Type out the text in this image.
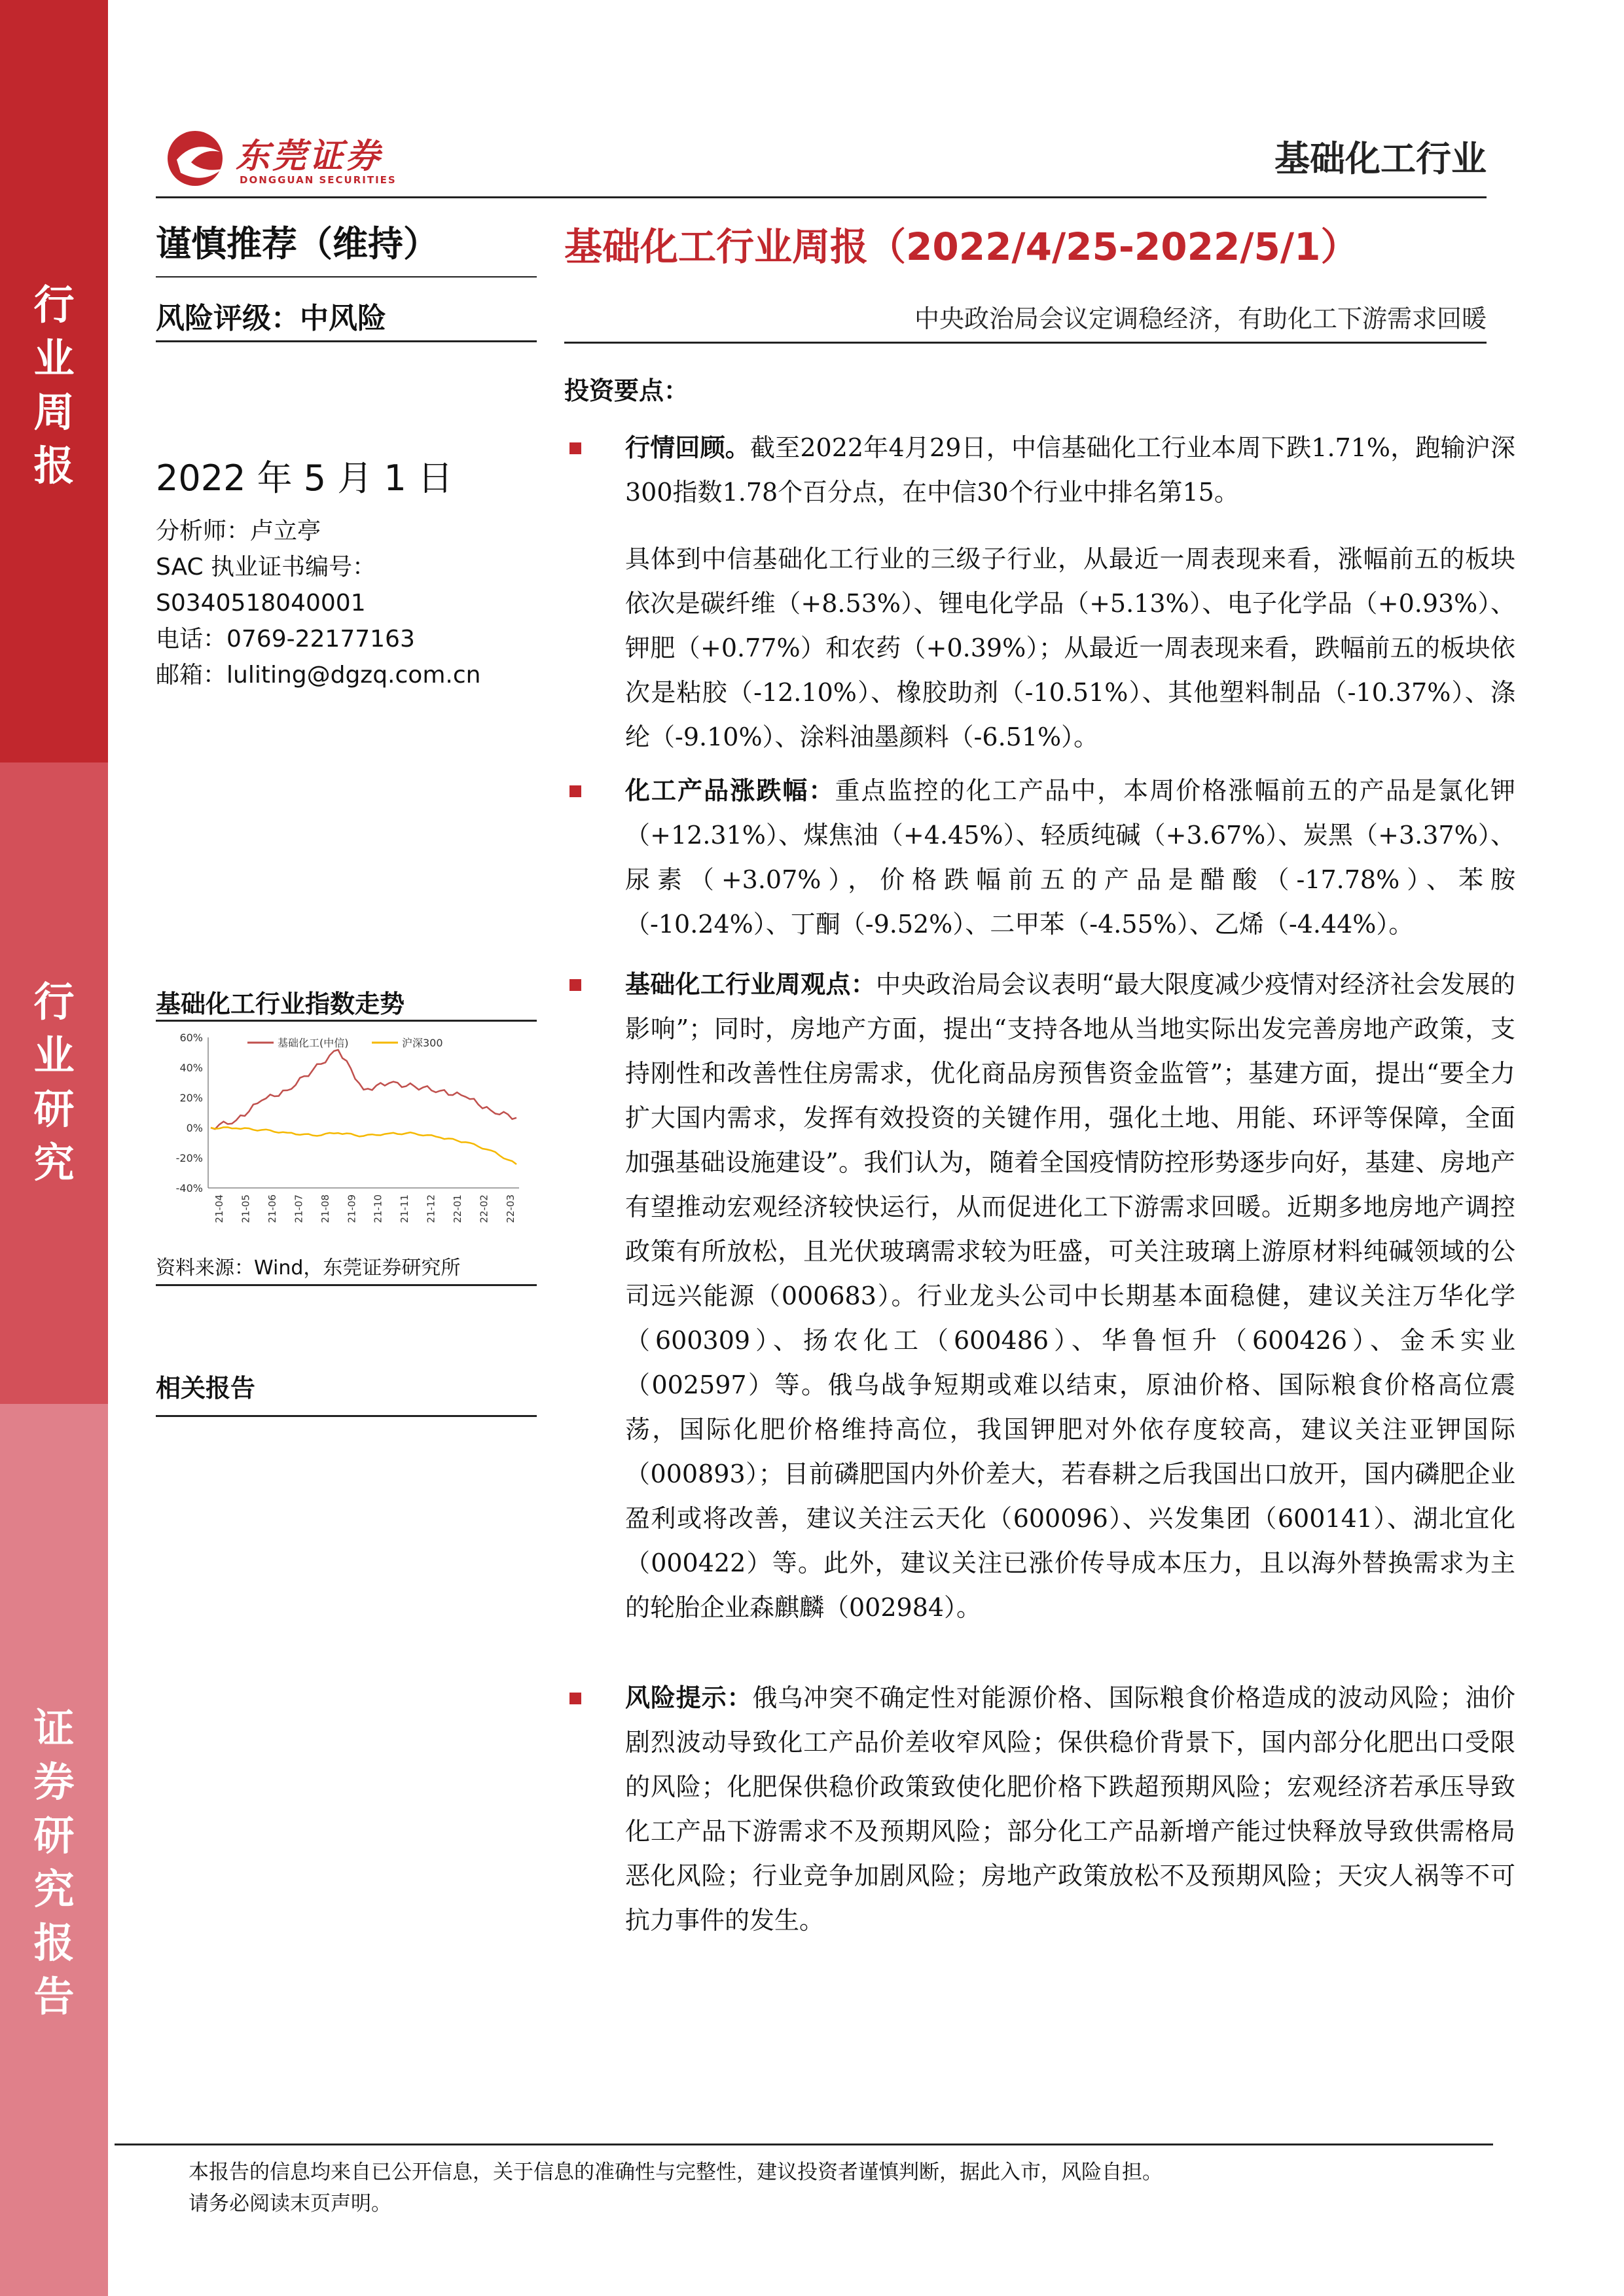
行
业
周
报
行
业
研
究
证
券
研
究
报
告
东莞证券
DONGGUAN SECURITIES
基础化工行业
谨慎推荐（维持）
风险评级：中风险
2022 年 5 月 1 日
分析师：卢立亭
SAC 执业证书编号：
S0340518040001
电话：0769-22177163
邮箱：luliting@dgzq.com.cn
基础化工行业周报（2022/4/25-2022/5/1）
中央政治局会议定调稳经济，有助化工下游需求回暖
投资要点：
行情回顾。截至2022年4月29日，中信基础化工行业本周下跌1.71%，跑输沪深300指数1.78个百分点，在中信30个行业中排名第15。
具体到中信基础化工行业的三级子行业，从最近一周表现来看，涨幅前五的板块依次是碳纤维（+8.53%）、锂电化学品（+5.13%）、电子化学品（+0.93%）、钾肥（+0.77%）和农药（+0.39%）；从最近一周表现来看，跌幅前五的板块依次是粘胶（-12.10%）、橡胶助剂（-10.51%）、其他塑料制品（-10.37%）、涤纶（-9.10%）、涂料油墨颜料（-6.51%）。
化工产品涨跌幅：重点监控的化工产品中，本周价格涨幅前五的产品是氯化钾（+12.31%）、煤焦油（+4.45%）、轻质纯碱（+3.67%）、炭黑（+3.37%）、尿素（+3.07%），价格跌幅前五的产品是醋酸（-17.78%）、苯胺（-10.24%）、丁酮（-9.52%）、二甲苯（-4.55%）、乙烯（-4.44%）。
基础化工行业周观点：中央政治局会议表明“最大限度减少疫情对经济社会发展的影响”；同时，房地产方面，提出“支持各地从当地实际出发完善房地产政策，支持刚性和改善性住房需求，优化商品房预售资金监管”；基建方面，提出“要全力扩大国内需求，发挥有效投资的关键作用，强化土地、用能、环评等保障，全面加强基础设施建设”。我们认为，随着全国疫情防控形势逐步向好，基建、房地产有望推动宏观经济较快运行，从而促进化工下游需求回暖。近期多地房地产调控政策有所放松，且光伏玻璃需求较为旺盛，可关注玻璃上游原材料纯碱领域的公司远兴能源（000683）。行业龙头公司中长期基本面稳健，建议关注万华化学（600309）、扬农化工（600486）、华鲁恒升（600426）、金禾实业（002597）等。俄乌战争短期或难以结束，原油价格、国际粮食价格高位震荡，国际化肥价格维持高位，我国钾肥对外依存度较高，建议关注亚钾国际（000893）；目前磷肥国内外价差大，若春耕之后我国出口放开，国内磷肥企业盈利或将改善，建议关注云天化（600096）、兴发集团（600141）、湖北宜化（000422）等。此外，建议关注已涨价传导成本压力，且以海外替换需求为主的轮胎企业森麒麟（002984）。
风险提示：俄乌冲突不确定性对能源价格、国际粮食价格造成的波动风险；油价剧烈波动导致化工产品价差收窄风险；保供稳价背景下，国内部分化肥出口受限的风险；化肥保供稳价政策致使化肥价格下跌超预期风险；宏观经济若承压导致化工产品下游需求不及预期风险；部分化工产品新增产能过快释放导致供需格局恶化风险；行业竞争加剧风险；房地产政策放松不及预期风险；天灾人祸等不可抗力事件的发生。
基础化工行业指数走势
60%
40%
20%
0%
-20%
-40%
21-04 21-05 21-06 21-07 21-08 21-09 21-10 21-11 21-12 22-01 22-02 22-03
基础化工(中信)	沪深300
资料来源：Wind，东莞证券研究所
相关报告
本报告的信息均来自已公开信息，关于信息的准确性与完整性，建议投资者谨慎判断，据此入市，风险自担。
请务必阅读末页声明。
